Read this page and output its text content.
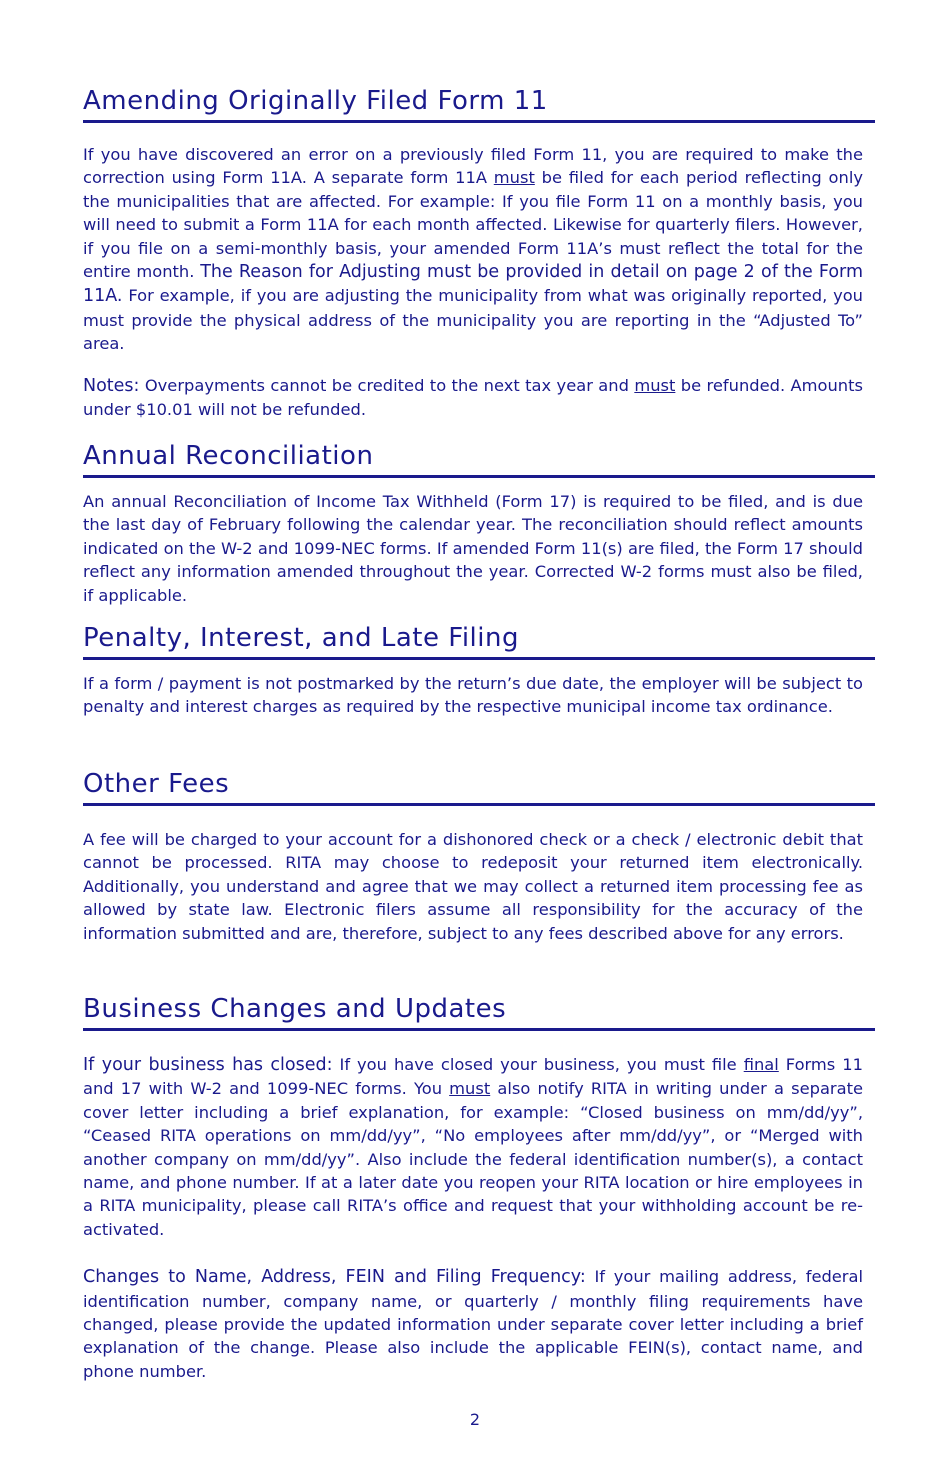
Amending Originally Filed Form 11

If you have discovered an error on a previously filed Form 11, you are required to make the correction using Form 11A. A separate form 11A must be filed for each period reflecting only the municipalities that are affected. For example: If you file Form 11 on a monthly basis, you will need to submit a Form 11A for each month affected. Likewise for quarterly filers. However, if you file on a semi-monthly basis, your amended Form 11A’s must reflect the total for the entire month. The Reason for Adjusting must be provided in detail on page 2 of the Form 11A. For example, if you are adjusting the municipality from what was originally reported, you must provide the physical address of the municipality you are reporting in the “Adjusted To” area.

Notes: Overpayments cannot be credited to the next tax year and must be refunded. Amounts under $10.01 will not be refunded.

Annual Reconciliation

An annual Reconciliation of Income Tax Withheld (Form 17) is required to be filed, and is due the last day of February following the calendar year. The reconciliation should reflect amounts indicated on the W-2 and 1099-NEC forms. If amended Form 11(s) are filed, the Form 17 should reflect any information amended throughout the year. Corrected W-2 forms must also be filed, if applicable.

Penalty, Interest, and Late Filing

If a form / payment is not postmarked by the return’s due date, the employer will be subject to penalty and interest charges as required by the respective municipal income tax ordinance.

Other Fees

A fee will be charged to your account for a dishonored check or a check / electronic debit that cannot be processed. RITA may choose to redeposit your returned item electronically. Additionally, you understand and agree that we may collect a returned item processing fee as allowed by state law. Electronic filers assume all responsibility for the accuracy of the information submitted and are, therefore, subject to any fees described above for any errors.

Business Changes and Updates

If your business has closed: If you have closed your business, you must file final Forms 11 and 17 with W-2 and 1099-NEC forms. You must also notify RITA in writing under a separate cover letter including a brief explanation, for example: “Closed business on mm/dd/yy”, “Ceased RITA operations on mm/dd/yy”, “No employees after mm/dd/yy”, or “Merged with another company on mm/dd/yy”. Also include the federal identification number(s), a contact name, and phone number. If at a later date you reopen your RITA location or hire employees in a RITA municipality, please call RITA’s office and request that your withholding account be re-activated.

Changes to Name, Address, FEIN and Filing Frequency: If your mailing address, federal identification number, company name, or quarterly / monthly filing requirements have changed, please provide the updated information under separate cover letter including a brief explanation of the change. Please also include the applicable FEIN(s), contact name, and phone number.

2
